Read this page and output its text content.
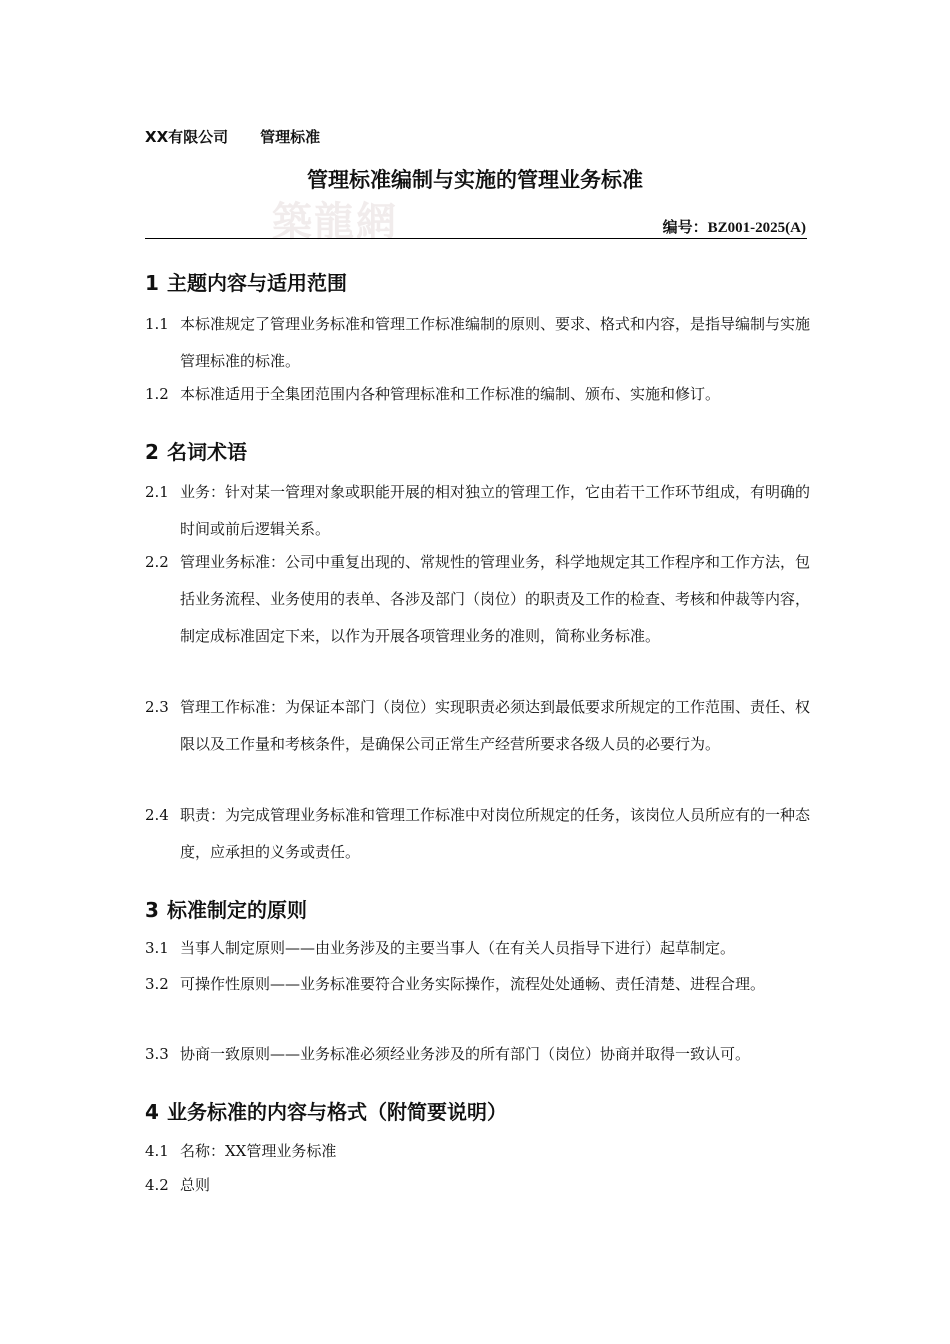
XX有限公司 管理标准
管理标准编制与实施的管理业务标准
築龍網	编号：BZ001-2025(A)
1 主题内容与适用范围
1.1 本标准规定了管理业务标准和管理工作标准编制的原则、要求、格式和内容，是指导编制与实施管理标准的标准。
1.2 本标准适用于全集团范围内各种管理标准和工作标准的编制、颁布、实施和修订。
2 名词术语
2.1 业务：针对某一管理对象或职能开展的相对独立的管理工作，它由若干工作环节组成，有明确的时间或前后逻辑关系。
2.2 管理业务标准：公司中重复出现的、常规性的管理业务，科学地规定其工作程序和工作方法，包括业务流程、业务使用的表单、各涉及部门（岗位）的职责及工作的检查、考核和仲裁等内容，制定成标准固定下来，以作为开展各项管理业务的准则，简称业务标准。
2.3 管理工作标准：为保证本部门（岗位）实现职责必须达到最低要求所规定的工作范围、责任、权限以及工作量和考核条件，是确保公司正常生产经营所要求各级人员的必要行为。
2.4 职责：为完成管理业务标准和管理工作标准中对岗位所规定的任务，该岗位人员所应有的一种态度，应承担的义务或责任。
3 标准制定的原则
3.1 当事人制定原则——由业务涉及的主要当事人（在有关人员指导下进行）起草制定。
3.2 可操作性原则——业务标准要符合业务实际操作，流程处处通畅、责任清楚、进程合理。
3.3 协商一致原则——业务标准必须经业务涉及的所有部门（岗位）协商并取得一致认可。
4 业务标准的内容与格式（附简要说明）
4.1 名称：XX管理业务标准
4.2 总则
